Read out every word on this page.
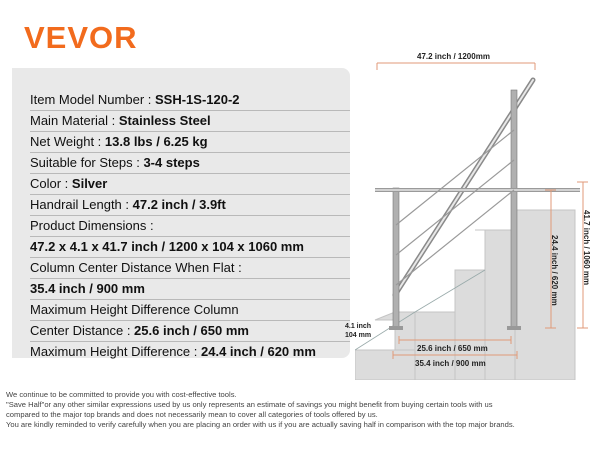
VEVOR
Item Model Number : SSH-1S-120-2
Main Material : Stainless Steel
Net Weight : 13.8 lbs / 6.25 kg
Suitable for Steps : 3-4 steps
Color : Silver
Handrail Length : 47.2 inch / 3.9ft
Product Dimensions :
47.2 x 4.1 x 41.7 inch / 1200 x 104 x 1060 mm
Column Center Distance When Flat :
35.4 inch / 900 mm
Maximum Height Difference Column
Center Distance : 25.6 inch / 650 mm
Maximum Height Difference : 24.4 inch / 620 mm
47.2 inch / 1200mm
41.7 inch / 1060 mm
24.4 inch / 620 mm
4.1 inch
104 mm
25.6 inch / 650 mm
35.4 inch / 900 mm
We continue to be committed to provide you with cost-effective tools.
"Save Half"or any other similar expressions used by us only represents an estimate of savings you might benefit from buying certain tools with us
compared to the major top brands and does not necessarily mean to cover all categories of tools offered by us.
You are kindly reminded to verify carefully when you are placing an order with us if you are actually saving half in comparison with the top major brands.
